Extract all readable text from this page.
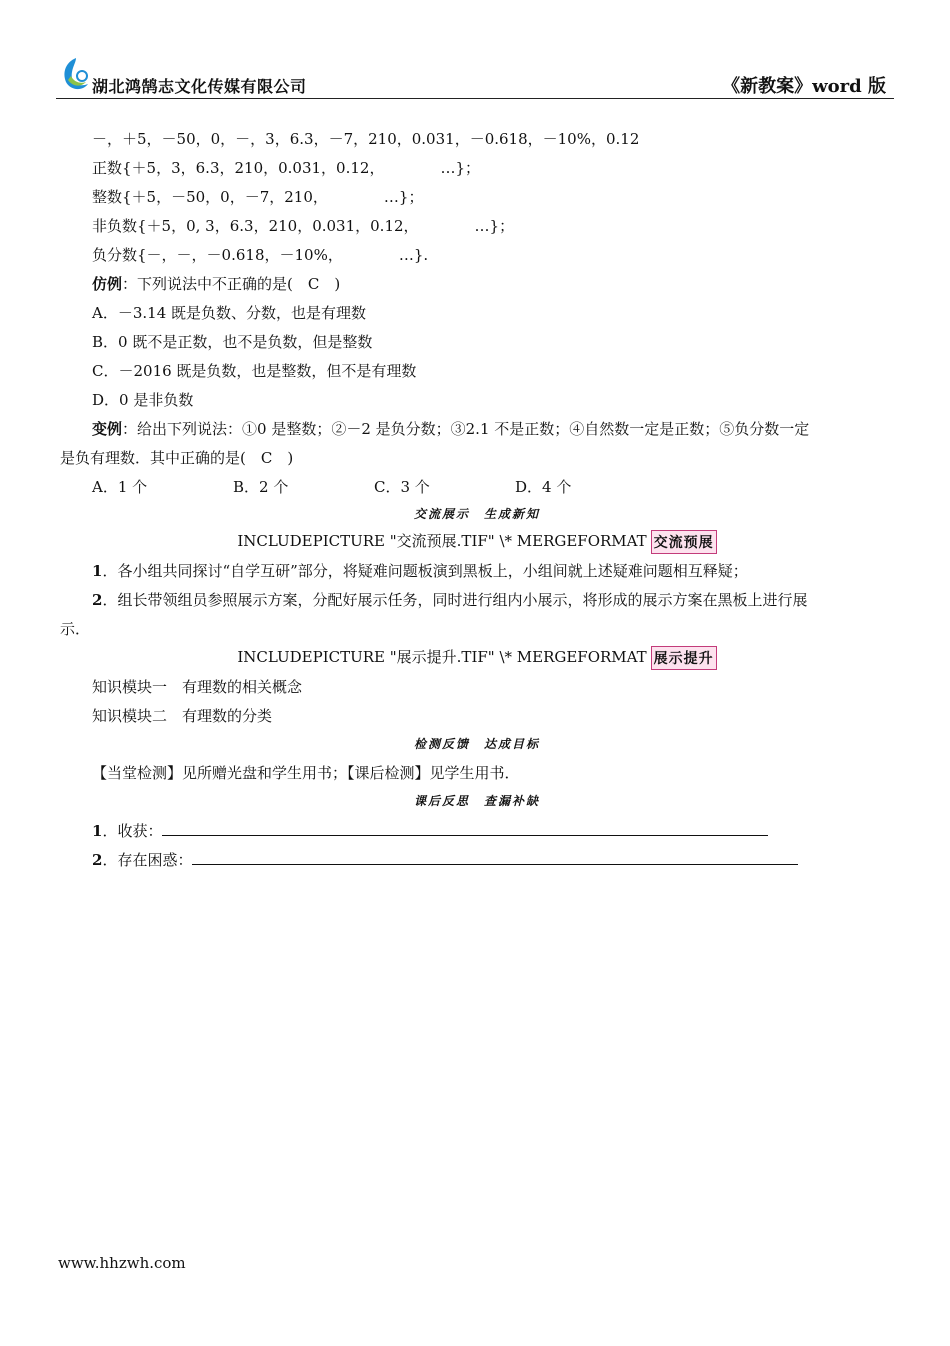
湖北鸿鹄志文化传媒有限公司	《新教案》word 版
－，＋5，－50，0，－，3，6.3，－7，210，0.031，－0.618，－10%，0.12
正数{＋5，3，6.3，210，0.031，0.12，	…}；
整数{＋5，－50，0，－7，210，	…}；
非负数{＋5，0, 3，6.3，210，0.031，0.12，	…}；
负分数{－，－，－0.618，－10%，	…}.
仿例：下列说法中不正确的是(　C　)
A．－3.14 既是负数、分数，也是有理数
B．0 既不是正数，也不是负数，但是整数
C．－2016 既是负数，也是整数，但不是有理数
D．0 是非负数
变例：给出下列说法：①0 是整数；②－2 是负分数；③2.1 不是正数；④自然数一定是正数；⑤负分数一定
是负有理数．其中正确的是(　C　)
A．1 个	B．2 个	C．3 个	D．4 个
交流展示　生成新知
INCLUDEPICTURE "交流预展.TIF" \* MERGEFORMAT 交流预展
1．各小组共同探讨“自学互研”部分，将疑难问题板演到黑板上，小组间就上述疑难问题相互释疑；
2．组长带领组员参照展示方案，分配好展示任务，同时进行组内小展示，将形成的展示方案在黑板上进行展
示．
INCLUDEPICTURE "展示提升.TIF" \* MERGEFORMAT 展示提升
知识模块一　有理数的相关概念
知识模块二　有理数的分类
检测反馈　达成目标
【当堂检测】见所赠光盘和学生用书；【课后检测】见学生用书．
课后反思　查漏补缺
1．收获：
2．存在困惑：
www.hhzwh.com
